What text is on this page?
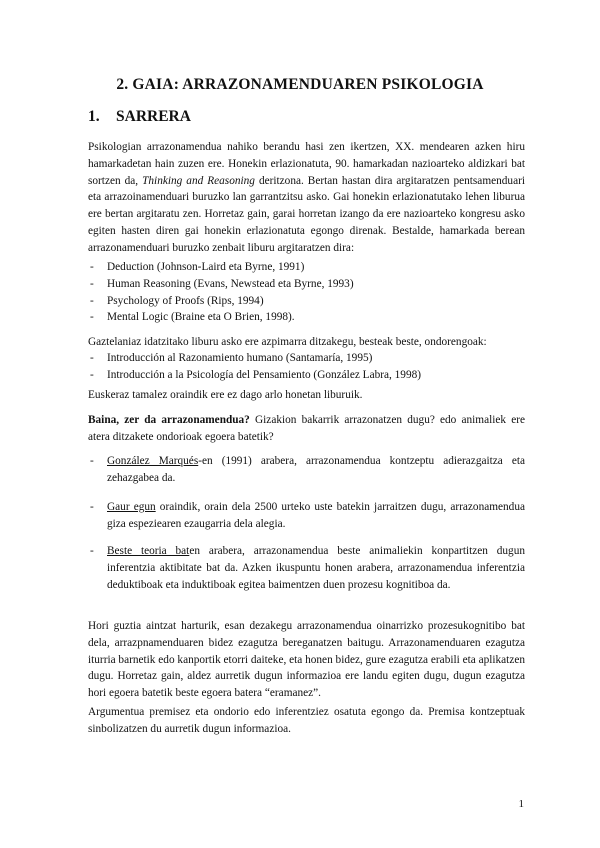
2. GAIA: ARRAZONAMENDUAREN PSIKOLOGIA
1. SARRERA
Psikologian arrazonamendua nahiko berandu hasi zen ikertzen, XX. mendearen azken hiru hamarkadetan hain zuzen ere. Honekin erlazionatuta, 90. hamarkadan nazioarteko aldizkari bat sortzen da, Thinking and Reasoning deritzona. Bertan hastan dira argitaratzen pentsamenduari eta arrazoinamenduari buruzko lan garrantzitsu asko. Gai honekin erlazionatutako lehen liburua ere bertan argitaratu zen. Horretaz gain, garai horretan izango da ere nazioarteko kongresu asko egiten hasten diren gai honekin erlazionatuta egongo direnak. Bestalde, hamarkada berean arrazonamenduari buruzko zenbait liburu argitaratzen dira:
- Deduction (Johnson-Laird eta Byrne, 1991)
- Human Reasoning (Evans, Newstead eta Byrne, 1993)
- Psychology of Proofs (Rips, 1994)
- Mental Logic (Braine eta O Brien, 1998).
Gaztelaniaz idatzitako liburu asko ere azpimarra ditzakegu, besteak beste, ondorengoak:
- Introducción al Razonamiento humano (Santamaría, 1995)
- Introducción a la Psicología del Pensamiento (González Labra, 1998)
Euskeraz tamalez oraindik ere ez dago arlo honetan liburuik.
Baina, zer da arrazonamendua? Gizakion bakarrik arrazonatzen dugu? edo animaliek ere atera ditzakete ondorioak egoera batetik?
- González Marqués-en (1991) arabera, arrazonamendua kontzeptu adierazgaitza eta zehazgabea da.
- Gaur egun oraindik, orain dela 2500 urteko uste batekin jarraitzen dugu, arrazonamendua giza espeziearen ezaugarria dela alegia.
- Beste teoria baten arabera, arrazonamendua beste animaliekin konpartitzen dugun inferentzia aktibitate bat da. Azken ikuspuntu honen arabera, arrazonamendua inferentzia deduktiboak eta induktiboak egitea baimentzen duen prozesu kognitiboa da.
Hori guztia aintzat harturik, esan dezakegu arrazonamendua oinarrizko prozesukognitibo bat dela, arrazpnamenduaren bidez ezagutza bereganatzen baitugu. Arrazonamenduaren ezagutza iturria barnetik edo kanportik etorri daiteke, eta honen bidez, gure ezagutza erabili eta aplikatzen dugu. Horretaz gain, aldez aurretik dugun informazioa ere landu egiten dugu, dugun ezagutza hori egoera batetik beste egoera batera “eramanez”.
Argumentua premisez eta ondorio edo inferentziez osatuta egongo da. Premisa kontzeptuak sinbolizatzen du aurretik dugun informazioa.
1
